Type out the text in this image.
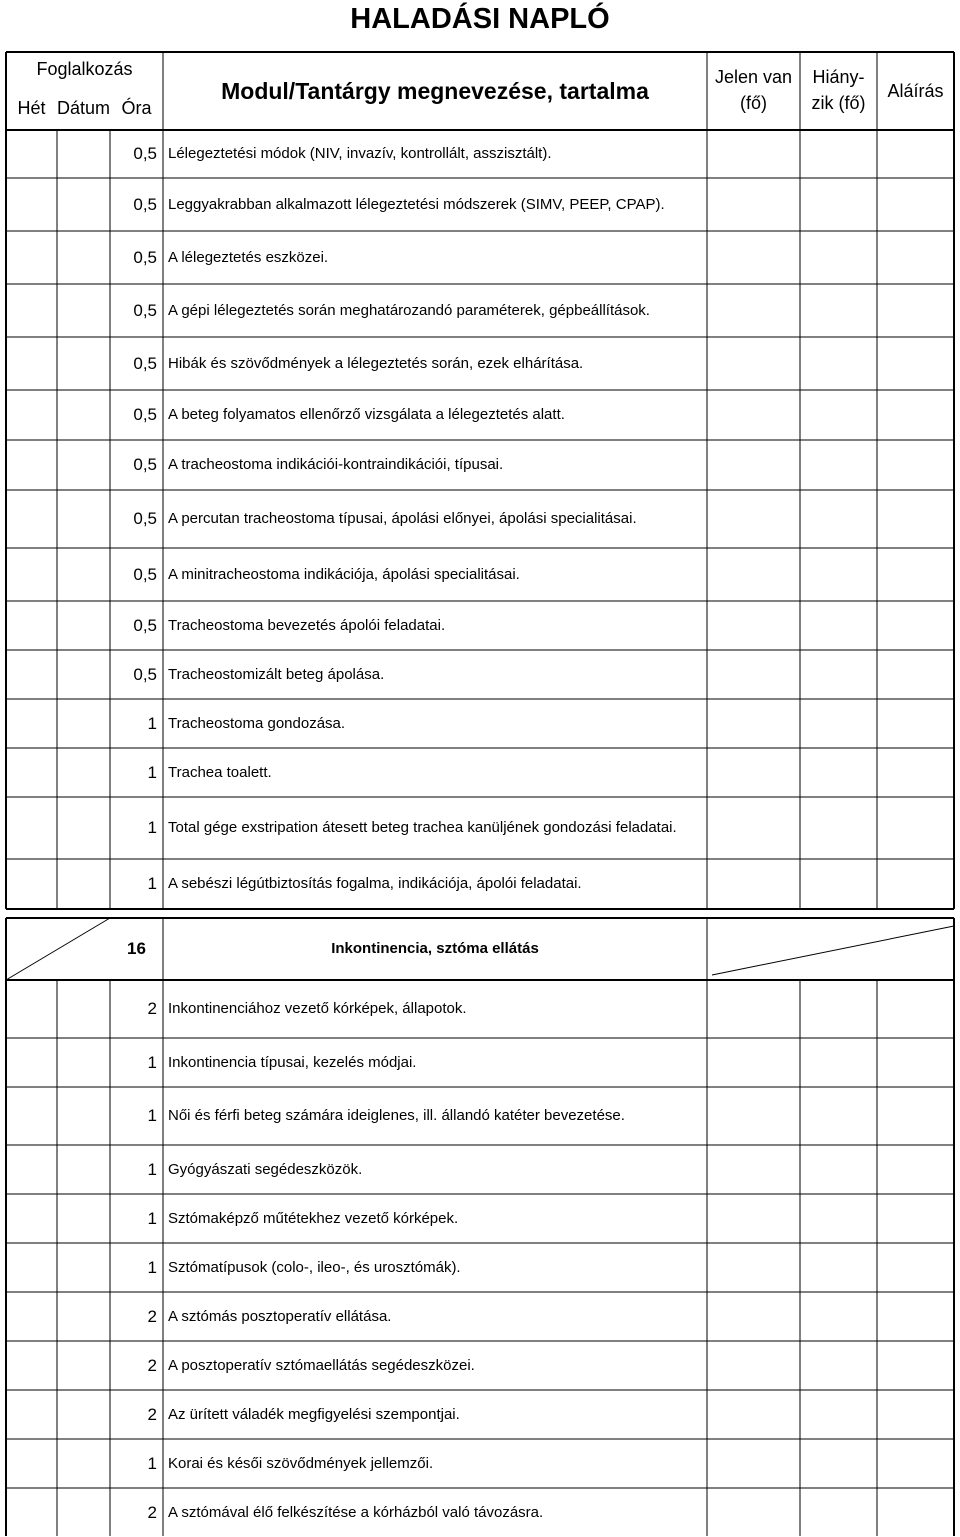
HALADÁSI NAPLÓ
Foglalkozás
Hét Dátum Óra
Modul/Tantárgy megnevezése, tartalma
Jelen van
(fő)
Hiány-
zik (fő)
Aláírás
0,5 Lélegeztetési módok (NIV, invazív, kontrollált, asszisztált).
0,5 Leggyakrabban alkalmazott lélegeztetési módszerek (SIMV, PEEP, CPAP).
0,5 A lélegeztetés eszközei.
0,5 A gépi lélegeztetés során meghatározandó paraméterek, gépbeállítások.
0,5 Hibák és szövődmények a lélegeztetés során, ezek elhárítása.
0,5 A beteg folyamatos ellenőrző vizsgálata a lélegeztetés alatt.
0,5 A tracheostoma indikációi-kontraindikációi, típusai.
0,5 A percutan tracheostoma típusai, ápolási előnyei, ápolási specialitásai.
0,5 A minitracheostoma indikációja, ápolási specialitásai.
0,5 Tracheostoma bevezetés ápolói feladatai.
0,5 Tracheostomizált beteg ápolása.
1 Tracheostoma gondozása.
1 Trachea toalett.
1 Total gége exstripation átesett beteg trachea kanüljének gondozási feladatai.
1 A sebészi légútbiztosítás fogalma, indikációja, ápolói feladatai.
16	Inkontinencia, sztóma ellátás
2 Inkontinenciához vezető kórképek, állapotok.
1 Inkontinencia típusai, kezelés módjai.
1 Női és férfi beteg számára ideiglenes, ill. állandó katéter bevezetése.
1 Gyógyászati segédeszközök.
1 Sztómaképző műtétekhez vezető kórképek.
1 Sztómatípusok (colo-, ileo-, és urosztómák).
2 A sztómás posztoperatív ellátása.
2 A posztoperatív sztómaellátás segédeszközei.
2 Az ürített váladék megfigyelési szempontjai.
1 Korai és késői szövődmények jellemzői.
2 A sztómával élő felkészítése a kórházból való távozásra.
